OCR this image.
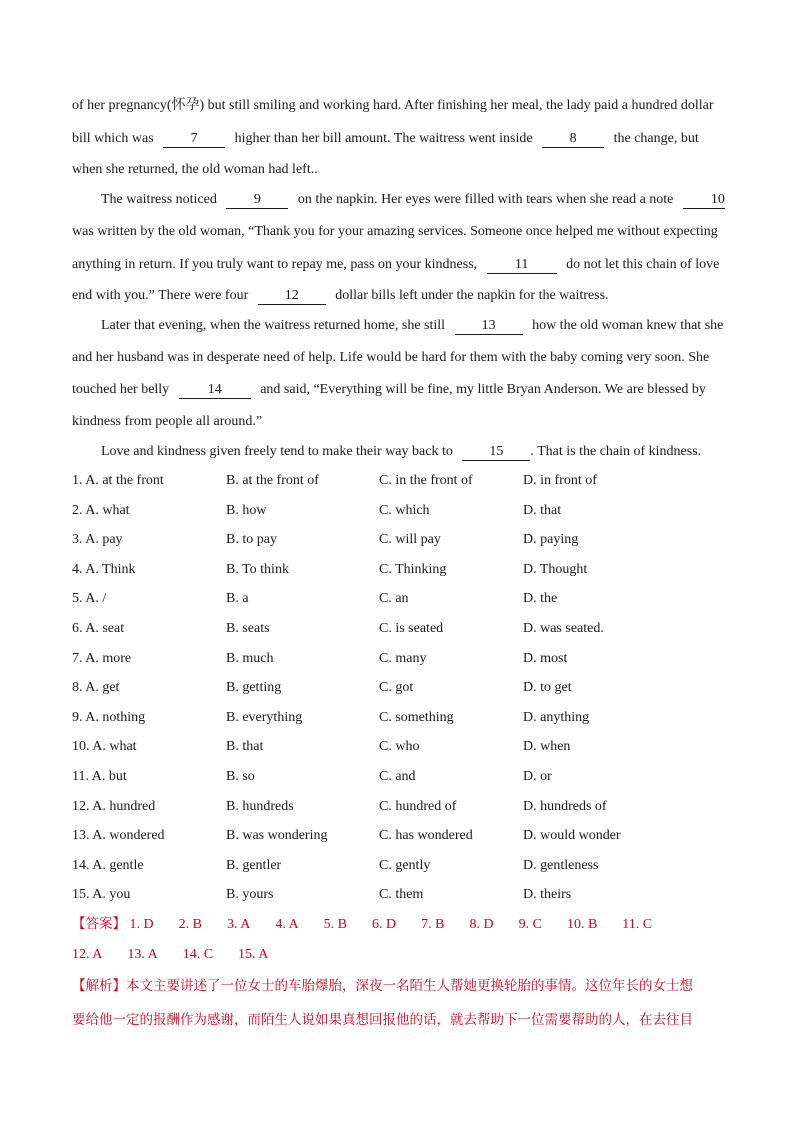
of her pregnancy(怀孕) but still smiling and working hard. After finishing her meal, the lady paid a hundred dollar
bill which was	7	higher than her bill amount. The waitress went inside	8	the change, but
when she returned, the old woman had left..
The waitress noticed	9	on the napkin. Her eyes were filled with tears when she read a note	10
was written by the old woman, “Thank you for your amazing services. Someone once helped me without expecting
anything in return. If you truly want to repay me, pass on your kindness,	11	do not let this chain of love
end with you.” There were four	12	dollar bills left under the napkin for the waitress.
Later that evening, when the waitress returned home, she still	13	how the old woman knew that she
and her husband was in desperate need of help. Life would be hard for them with the baby coming very soon. She
touched her belly	14	and said, “Everything will be fine, my little Bryan Anderson. We are blessed by
kindness from people all around.”
Love and kindness given freely tend to make their way back to	15 . That is the chain of kindness.
1. A. at the front	B. at the front of	C. in the front of	D. in front of
2. A. what	B. how	C. which	D. that
3. A. pay	B. to pay	C. will pay	D. paying
4. A. Think	B. To think	C. Thinking	D. Thought
5. A. /	B. a	C. an	D. the
6. A. seat	B. seats	C. is seated	D. was seated.
7. A. more	B. much	C. many	D. most
8. A. get	B. getting	C. got	D. to get
9. A. nothing	B. everything	C. something	D. anything
10. A. what	B. that	C. who	D. when
11. A. but	B. so	C. and	D. or
12. A. hundred	B. hundreds	C. hundred of	D. hundreds of
13. A. wondered	B. was wondering	C. has wondered	D. would wonder
14. A. gentle	B. gentler	C. gently	D. gentleness
15. A. you	B. yours	C. them	D. theirs
【答案】 1. D 2. B 3. A 4. A 5. B 6. D 7. B 8. D 9. C 10. B 11. C
12. A 13. A 14. C 15. A
【解析】本文主要讲述了一位女士的车胎爆胎，深夜一名陌生人帮她更换轮胎的事情。这位年长的女士想
要给他一定的报酬作为感谢，而陌生人说如果真想回报他的话，就去帮助下一位需要帮助的人，在去往目
